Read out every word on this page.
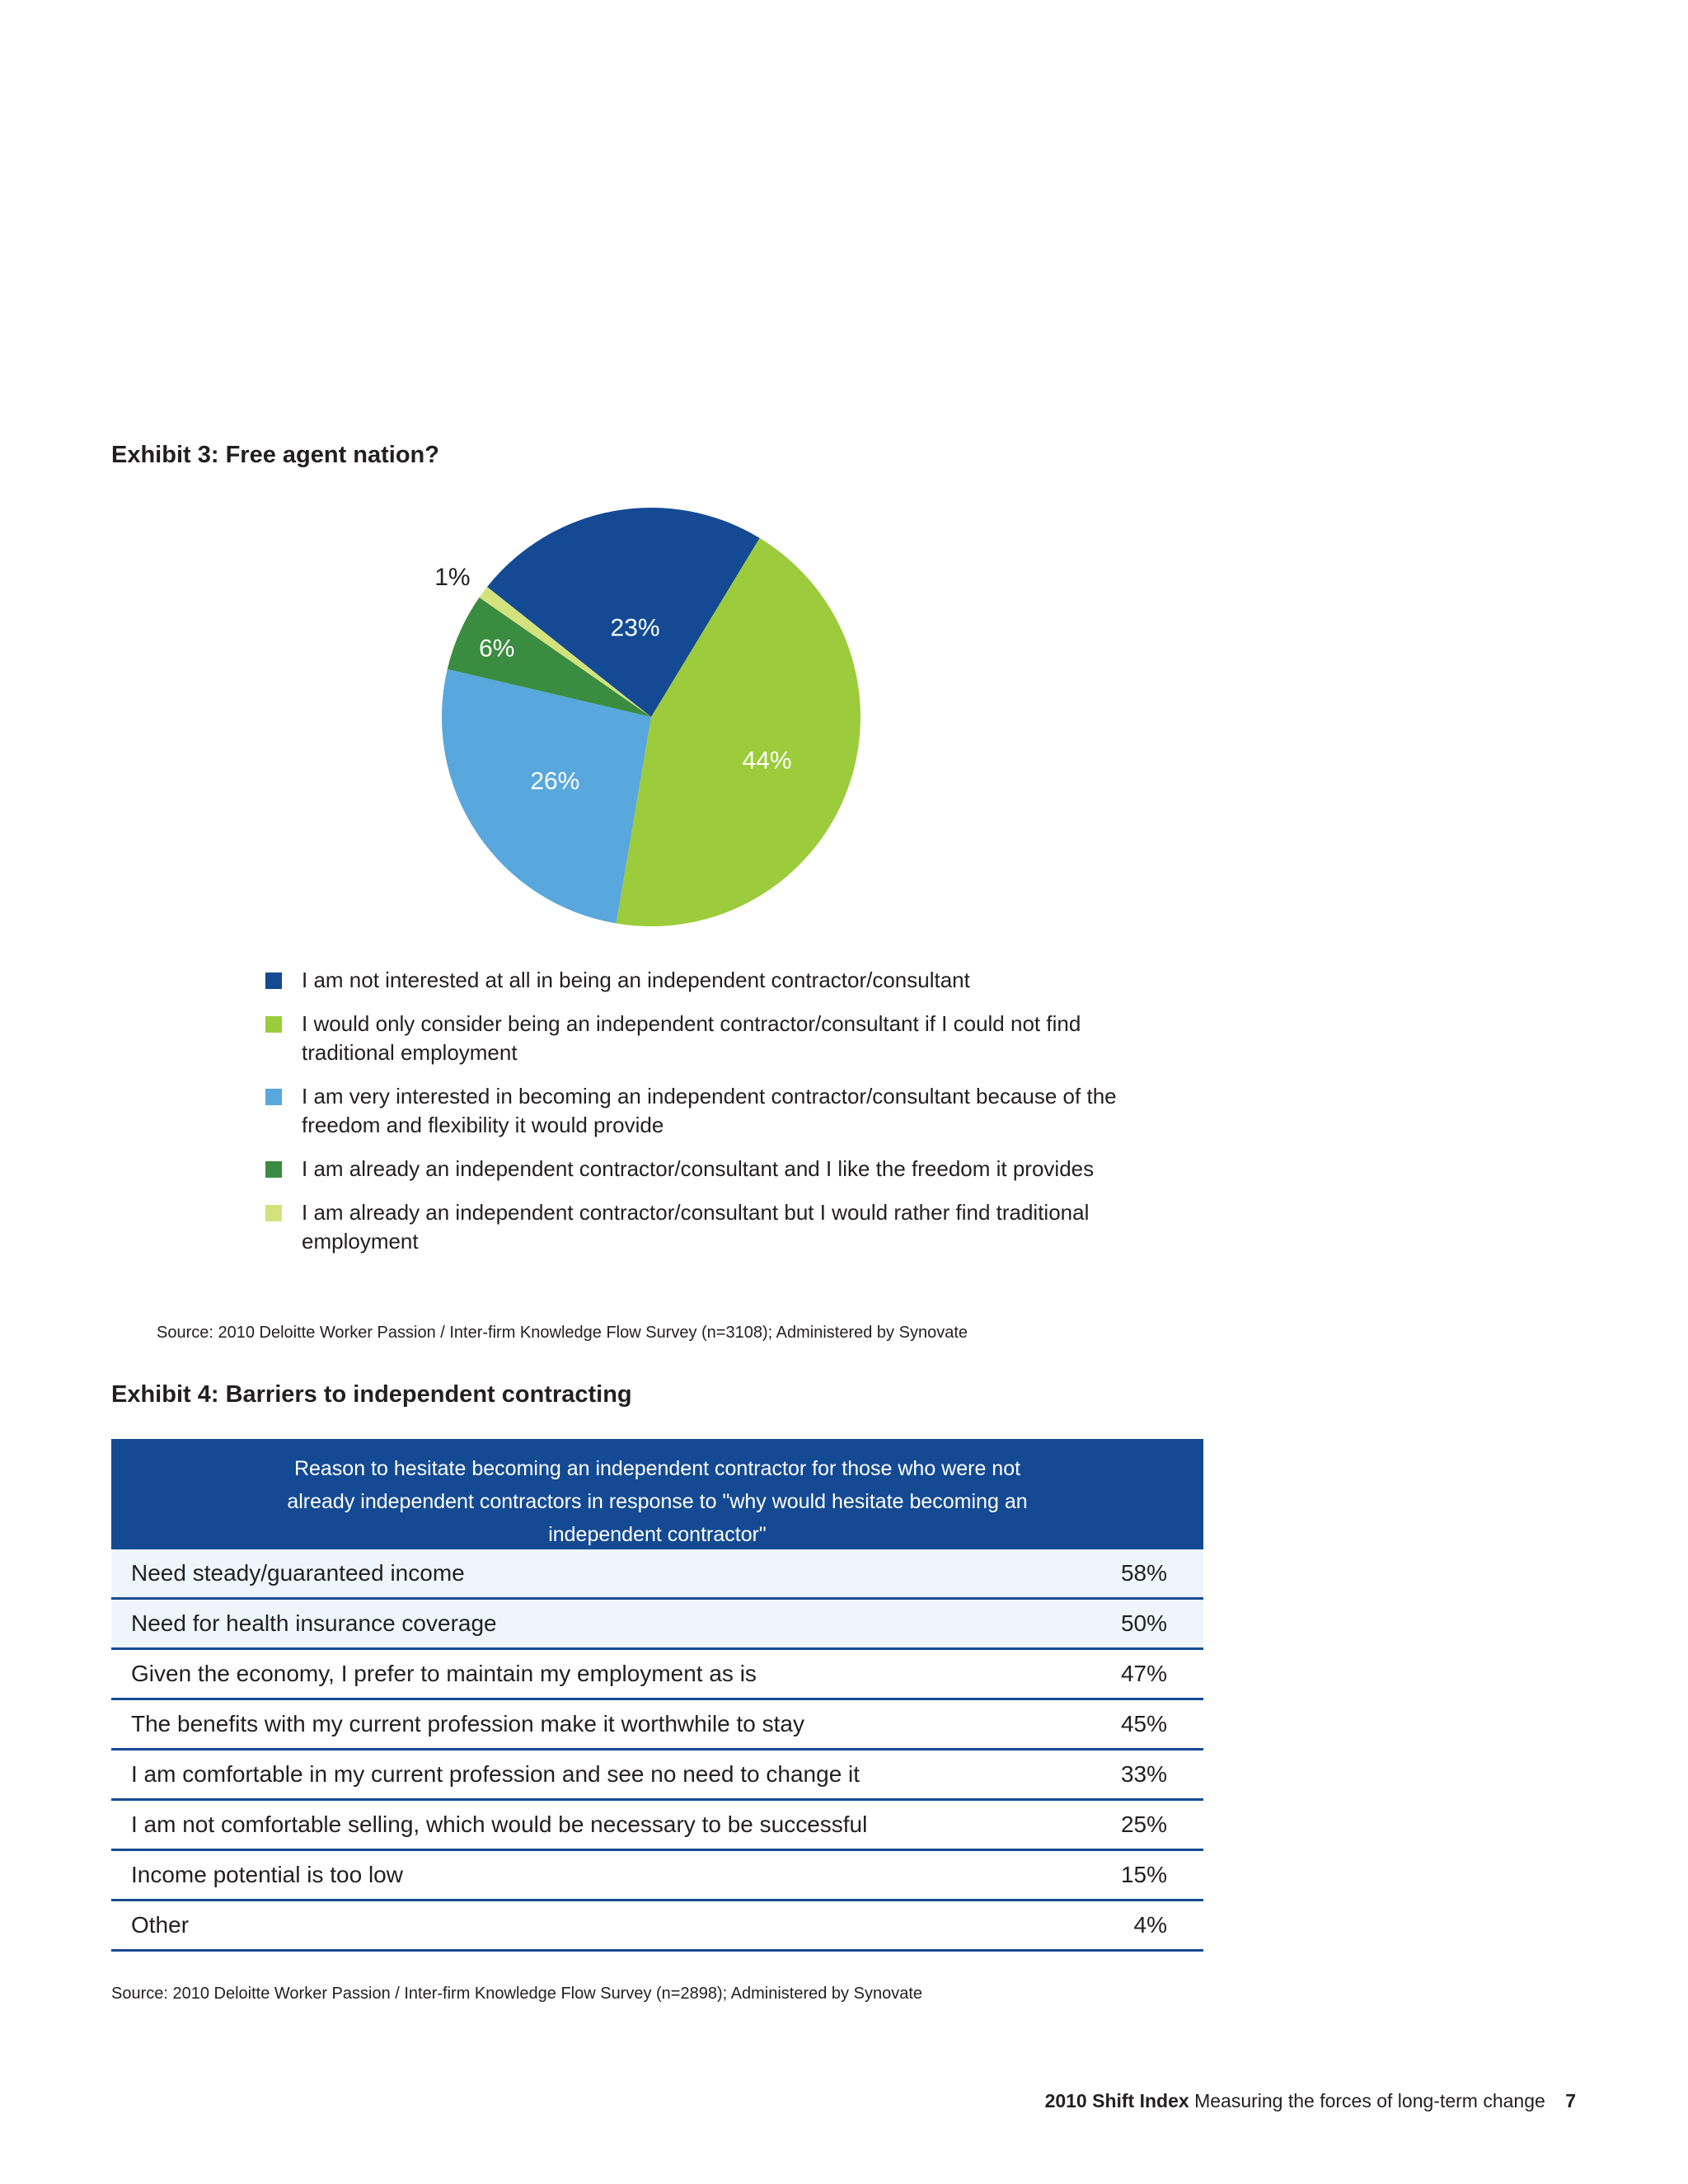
Exhibit 3: Free agent nation?
23%
44%
26%
6%
1%
I am not interested at all in being an independent contractor/consultant
I would only consider being an independent contractor/consultant if I could not find traditional employment
I am very interested in becoming an independent contractor/consultant because of the freedom and flexibility it would provide
I am already an independent contractor/consultant and I like the freedom it provides
I am already an independent contractor/consultant but I would rather find traditional employment
Source: 2010 Deloitte Worker Passion / Inter-firm Knowledge Flow Survey (n=3108); Administered by Synovate
Exhibit 4: Barriers to independent contracting
Reason to hesitate becoming an independent contractor for those who were not already independent contractors in response to "why would hesitate becoming an independent contractor"
Need steady/guaranteed income	58%
Need for health insurance coverage	50%
Given the economy, I prefer to maintain my employment as is	47%
The benefits with my current profession make it worthwhile to stay	45%
I am comfortable in my current profession and see no need to change it	33%
I am not comfortable selling, which would be necessary to be successful	25%
Income potential is too low	15%
Other	4%
Source: 2010 Deloitte Worker Passion / Inter-firm Knowledge Flow Survey (n=2898); Administered by Synovate
2010 Shift Index Measuring the forces of long-term change 7
